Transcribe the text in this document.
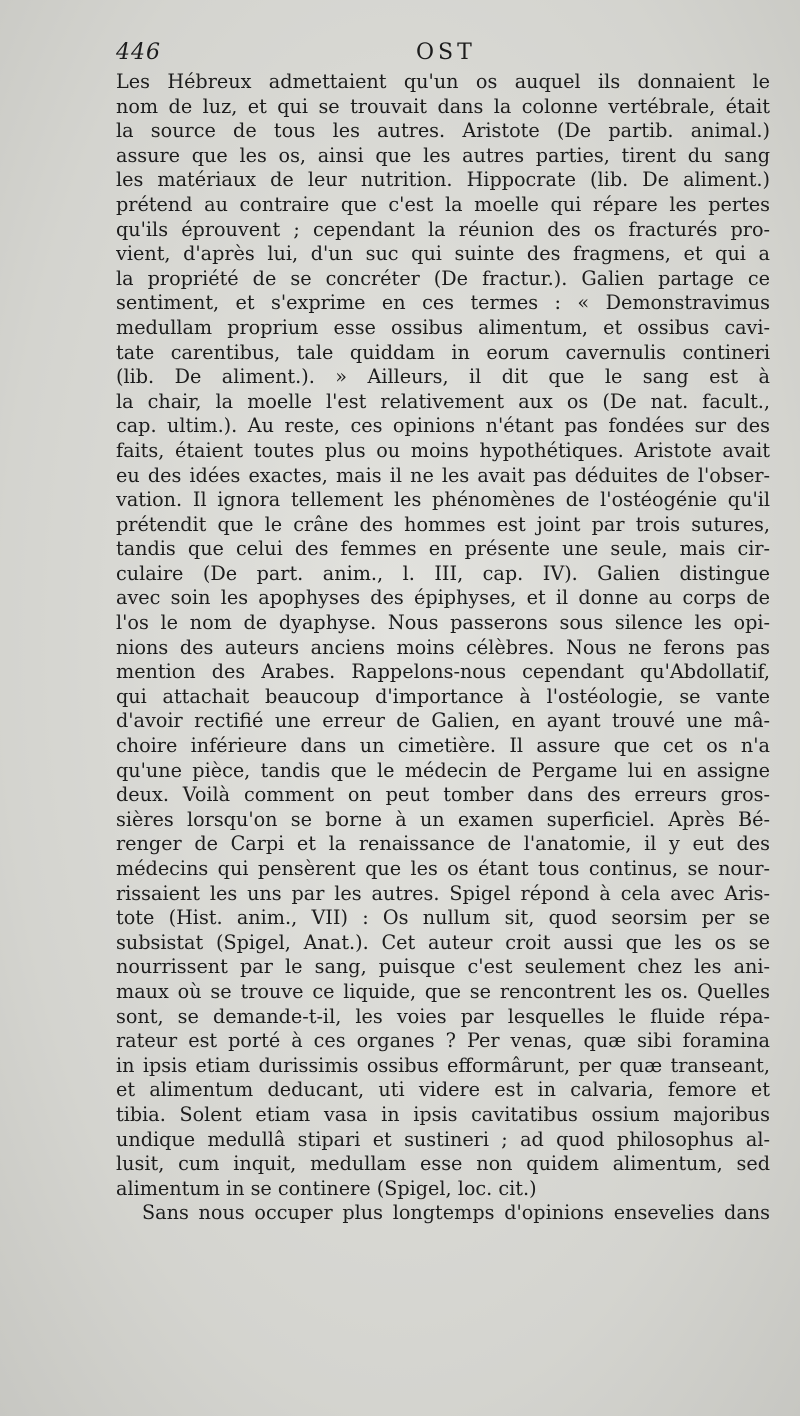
446	OST
Les Hébreux admettaient qu'un os auquel ils donnaient le
nom de luz, et qui se trouvait dans la colonne vertébrale, était
la source de tous les autres. Aristote (De partib. animal.)
assure que les os, ainsi que les autres parties, tirent du sang
les matériaux de leur nutrition. Hippocrate (lib. De aliment.)
prétend au contraire que c'est la moelle qui répare les pertes
qu'ils éprouvent ; cependant la réunion des os fracturés pro-
vient, d'après lui, d'un suc qui suinte des fragmens, et qui a
la propriété de se concréter (De fractur.). Galien partage ce
sentiment, et s'exprime en ces termes : « Demonstravimus
medullam proprium esse ossibus alimentum, et ossibus cavi-
tate carentibus, tale quiddam in eorum cavernulis contineri
(lib. De aliment.). » Ailleurs, il dit que le sang est à
la chair, la moelle l'est relativement aux os (De nat. facult.,
cap. ultim.). Au reste, ces opinions n'étant pas fondées sur des
faits, étaient toutes plus ou moins hypothétiques. Aristote avait
eu des idées exactes, mais il ne les avait pas déduites de l'obser-
vation. Il ignora tellement les phénomènes de l'ostéogénie qu'il
prétendit que le crâne des hommes est joint par trois sutures,
tandis que celui des femmes en présente une seule, mais cir-
culaire (De part. anim., l. III, cap. IV). Galien distingue
avec soin les apophyses des épiphyses, et il donne au corps de
l'os le nom de dyaphyse. Nous passerons sous silence les opi-
nions des auteurs anciens moins célèbres. Nous ne ferons pas
mention des Arabes. Rappelons-nous cependant qu'Abdollatif,
qui attachait beaucoup d'importance à l'ostéologie, se vante
d'avoir rectifié une erreur de Galien, en ayant trouvé une mâ-
choire inférieure dans un cimetière. Il assure que cet os n'a
qu'une pièce, tandis que le médecin de Pergame lui en assigne
deux. Voilà comment on peut tomber dans des erreurs gros-
sières lorsqu'on se borne à un examen superficiel. Après Bé-
renger de Carpi et la renaissance de l'anatomie, il y eut des
médecins qui pensèrent que les os étant tous continus, se nour-
rissaient les uns par les autres. Spigel répond à cela avec Aris-
tote (Hist. anim., VII) : Os nullum sit, quod seorsim per se
subsistat (Spigel, Anat.). Cet auteur croit aussi que les os se
nourrissent par le sang, puisque c'est seulement chez les ani-
maux où se trouve ce liquide, que se rencontrent les os. Quelles
sont, se demande-t-il, les voies par lesquelles le fluide répa-
rateur est porté à ces organes ? Per venas, quæ sibi foramina
in ipsis etiam durissimis ossibus efformârunt, per quæ transeant,
et alimentum deducant, uti videre est in calvaria, femore et
tibia. Solent etiam vasa in ipsis cavitatibus ossium majoribus
undique medullâ stipari et sustineri ; ad quod philosophus al-
lusit, cum inquit, medullam esse non quidem alimentum, sed
alimentum in se continere (Spigel, loc. cit.)
Sans nous occuper plus longtemps d'opinions ensevelies dans
